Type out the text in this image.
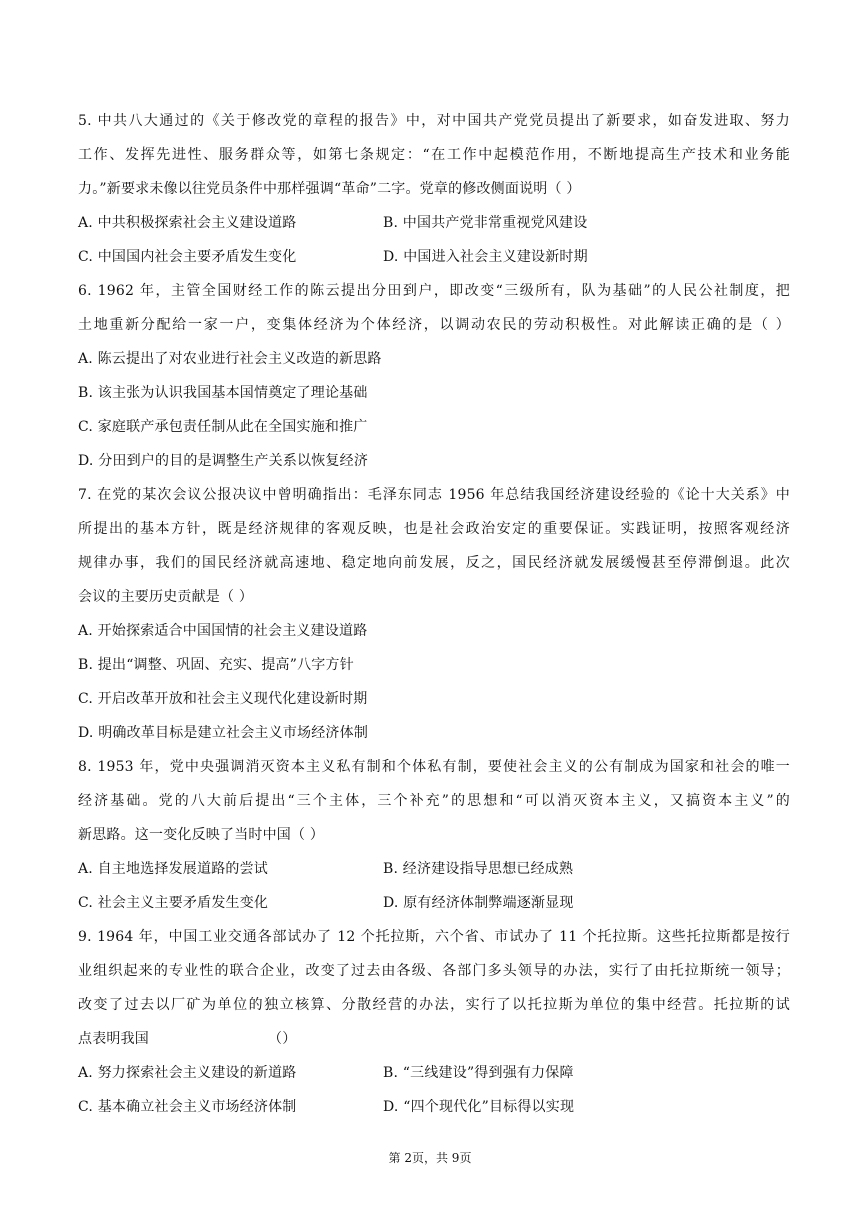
5. 中共八大通过的《关于修改党的章程的报告》中，对中国共产党党员提出了新要求，如奋发进取、努力
工作、发挥先进性、服务群众等，如第七条规定：“在工作中起模范作用，不断地提高生产技术和业务能
力。”新要求未像以往党员条件中那样强调“革命”二字。党章的修改侧面说明（ ）
A. 中共积极探索社会主义建设道路	B. 中国共产党非常重视党风建设
C. 中国国内社会主要矛盾发生变化	D. 中国进入社会主义建设新时期
6. 1962 年，主管全国财经工作的陈云提出分田到户，即改变“三级所有，队为基础”的人民公社制度，把
土地重新分配给一家一户，变集体经济为个体经济，以调动农民的劳动积极性。对此解读正确的是（ ）
A. 陈云提出了对农业进行社会主义改造的新思路
B. 该主张为认识我国基本国情奠定了理论基础
C. 家庭联产承包责任制从此在全国实施和推广
D. 分田到户的目的是调整生产关系以恢复经济
7. 在党的某次会议公报决议中曾明确指出：毛泽东同志 1956 年总结我国经济建设经验的《论十大关系》中
所提出的基本方针，既是经济规律的客观反映，也是社会政治安定的重要保证。实践证明，按照客观经济
规律办事，我们的国民经济就高速地、稳定地向前发展，反之，国民经济就发展缓慢甚至停滞倒退。此次
会议的主要历史贡献是（ ）
A. 开始探索适合中国国情的社会主义建设道路
B. 提出“调整、巩固、充实、提高”八字方针
C. 开启改革开放和社会主义现代化建设新时期
D. 明确改革目标是建立社会主义市场经济体制
8. 1953 年，党中央强调消灭资本主义私有制和个体私有制，要使社会主义的公有制成为国家和社会的唯一
经济基础。党的八大前后提出“三个主体，三个补充”的思想和“可以消灭资本主义，又搞资本主义”的
新思路。这一变化反映了当时中国（ ）
A. 自主地选择发展道路的尝试	B. 经济建设指导思想已经成熟
C. 社会主义主要矛盾发生变化	D. 原有经济体制弊端逐渐显现
9. 1964 年，中国工业交通各部试办了 12 个托拉斯，六个省、市试办了 11 个托拉斯。这些托拉斯都是按行
业组织起来的专业性的联合企业，改变了过去由各级、各部门多头领导的办法，实行了由托拉斯统一领导；
改变了过去以厂矿为单位的独立核算、分散经营的办法，实行了以托拉斯为单位的集中经营。托拉斯的试
点表明我国	（）
A. 努力探索社会主义建设的新道路	B. “三线建设”得到强有力保障
C. 基本确立社会主义市场经济体制	D. “四个现代化”目标得以实现
第 2页，共 9页
